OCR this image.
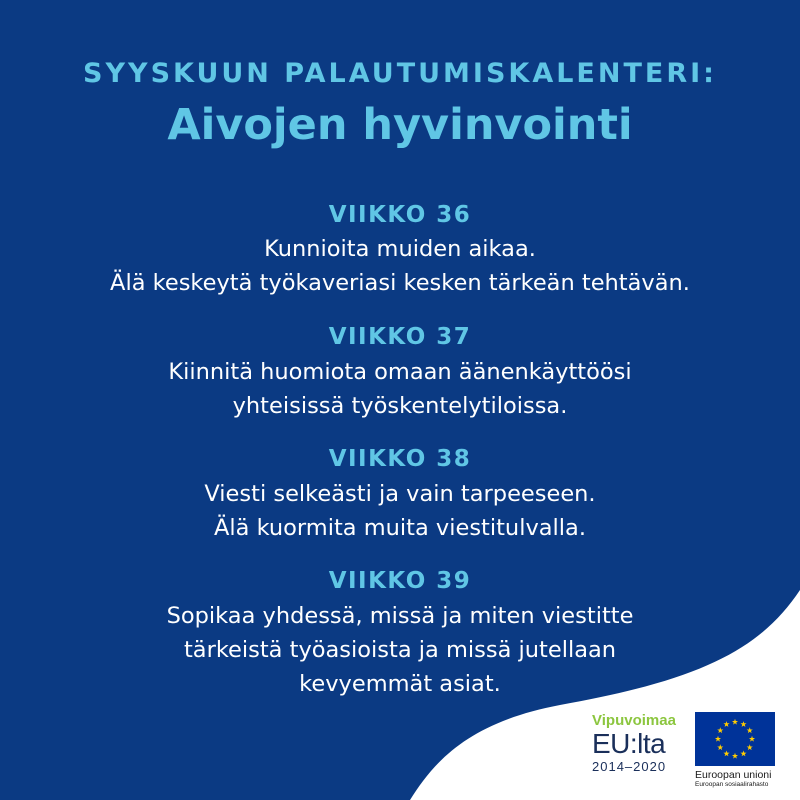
SYYSKUUN PALAUTUMISKALENTERI:
Aivojen hyvinvointi
VIIKKO 36
Kunnioita muiden aikaa.
Älä keskeytä työkaveriasi kesken tärkeän tehtävän.
VIIKKO 37
Kiinnitä huomiota omaan äänenkäyttöösi
yhteisissä työskentelytiloissa.
VIIKKO 38
Viesti selkeästi ja vain tarpeeseen.
Älä kuormita muita viestitulvalla.
VIIKKO 39
Sopikaa yhdessä, missä ja miten viestitte
tärkeistä työasioista ja missä jutellaan
kevyemmät asiat.
Vipuvoimaa
EU:lta
2014–2020
Euroopan unioni
Euroopan sosiaalirahasto
